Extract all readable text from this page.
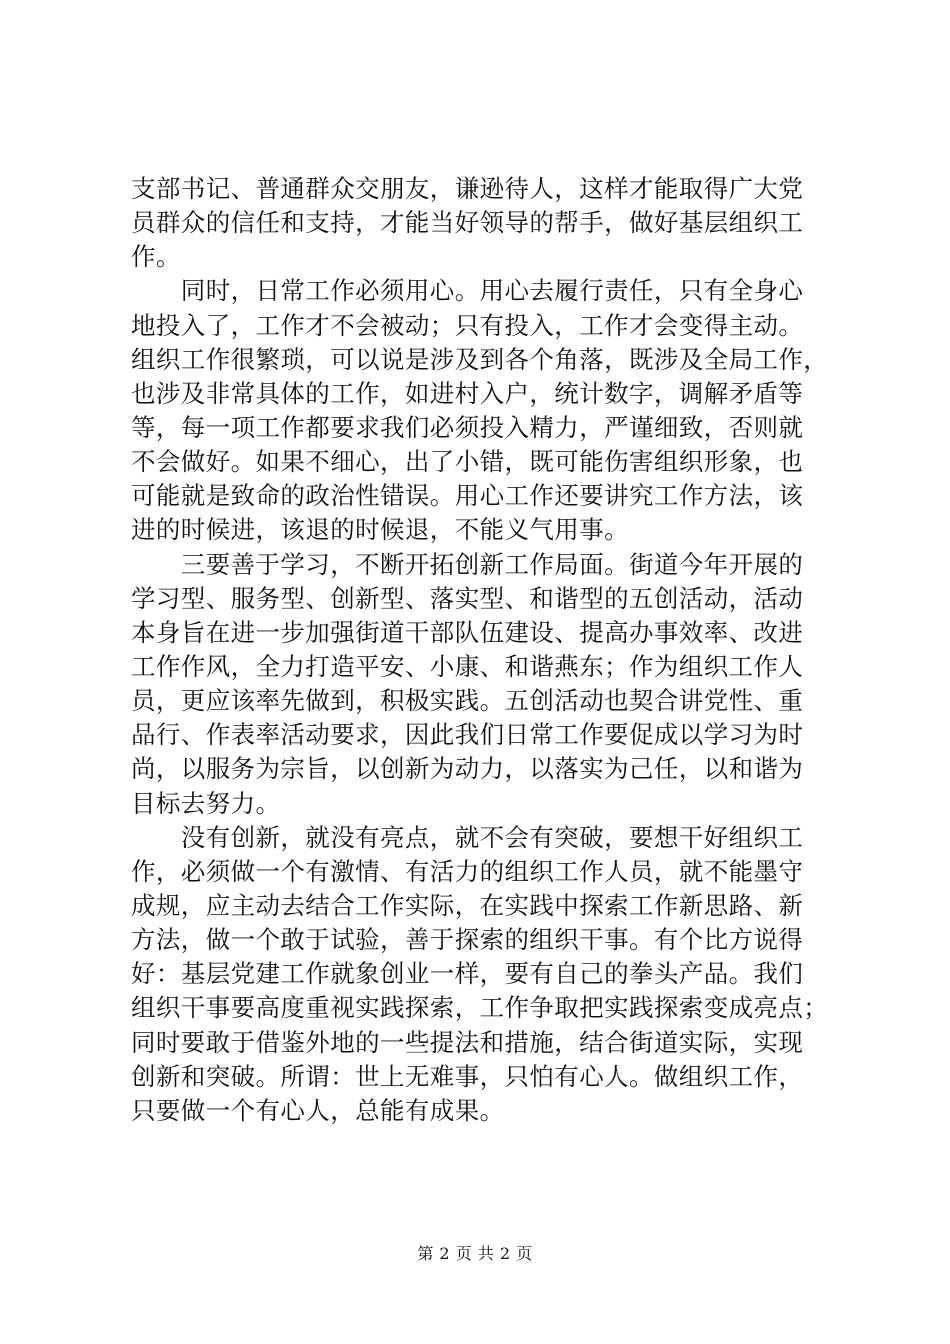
支部书记、普通群众交朋友，谦逊待人，这样才能取得广大党
员群众的信任和支持，才能当好领导的帮手，做好基层组织工
作。
　　同时，日常工作必须用心。用心去履行责任，只有全身心
地投入了，工作才不会被动；只有投入，工作才会变得主动。
组织工作很繁琐，可以说是涉及到各个角落，既涉及全局工作，
也涉及非常具体的工作，如进村入户，统计数字，调解矛盾等
等，每一项工作都要求我们必须投入精力，严谨细致，否则就
不会做好。如果不细心，出了小错，既可能伤害组织形象，也
可能就是致命的政治性错误。用心工作还要讲究工作方法，该
进的时候进，该退的时候退，不能义气用事。
　　三要善于学习，不断开拓创新工作局面。街道今年开展的
学习型、服务型、创新型、落实型、和谐型的五创活动，活动
本身旨在进一步加强街道干部队伍建设、提高办事效率、改进
工作作风，全力打造平安、小康、和谐燕东；作为组织工作人
员，更应该率先做到，积极实践。五创活动也契合讲党性、重
品行、作表率活动要求，因此我们日常工作要促成以学习为时
尚，以服务为宗旨，以创新为动力，以落实为己任，以和谐为
目标去努力。
　　没有创新，就没有亮点，就不会有突破，要想干好组织工
作，必须做一个有激情、有活力的组织工作人员，就不能墨守
成规，应主动去结合工作实际，在实践中探索工作新思路、新
方法，做一个敢于试验，善于探索的组织干事。有个比方说得
好：基层党建工作就象创业一样，要有自己的拳头产品。我们
组织干事要高度重视实践探索，工作争取把实践探索变成亮点；
同时要敢于借鉴外地的一些提法和措施，结合街道实际，实现
创新和突破。所谓：世上无难事，只怕有心人。做组织工作，
只要做一个有心人，总能有成果。
第 2 页 共 2 页
